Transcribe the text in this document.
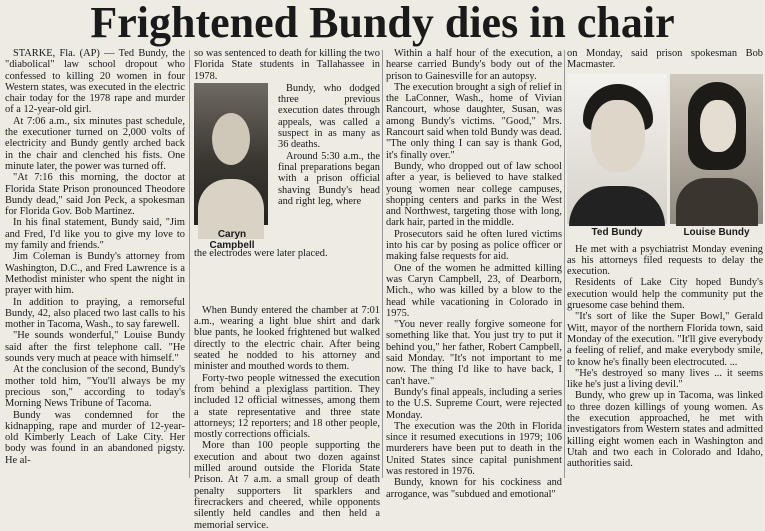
Frightened Bundy dies in chair

STARKE, Fla. (AP) — Ted Bundy, the "diabolical" law school dropout who confessed to killing 20 women in four Western states, was executed in the electric chair today for the 1978 rape and murder of a 12-year-old girl.

At 7:06 a.m., six minutes past schedule, the executioner turned on 2,000 volts of electricity and Bundy gently arched back in the chair and clenched his fists. One minute later, the power was turned off.

"At 7:16 this morning, the doctor at Florida State Prison pronounced Theodore Bundy dead," said Jon Peck, a spokesman for Florida Gov. Bob Martinez.

In his final statement, Bundy said, "Jim and Fred, I'd like you to give my love to my family and friends."

Jim Coleman is Bundy's attorney from Washington, D.C., and Fred Lawrence is a Methodist minister who spent the night in prayer with him.

In addition to praying, a remorseful Bundy, 42, also placed two last calls to his mother in Tacoma, Wash., to say farewell.

"He sounds wonderful," Louise Bundy said after the first telephone call. "He sounds very much at peace with himself."

At the conclusion of the second, Bundy's mother told him, "You'll always be my precious son," according to today's Morning News Tribune of Tacoma.

Bundy was condemned for the kidnapping, rape and murder of 12-year-old Kimberly Leach of Lake City. Her body was found in an abandoned pigsty. He al-

so was sentenced to death for killing the two Florida State students in Tallahassee in 1978.

Caryn Campbell

Bundy, who dodged three previous execution dates through appeals, was called a suspect in as many as 36 deaths.

Around 5:30 a.m., the final preparations began with a prison official shaving Bundy's head and right leg, where

the electrodes were later placed.

When Bundy entered the chamber at 7:01 a.m., wearing a light blue shirt and dark blue pants, he looked frightened but walked directly to the electric chair. After being seated he nodded to his attorney and minister and mouthed words to them.

Forty-two people witnessed the execution from behind a plexiglass partition. They included 12 official witnesses, among them a state representative and three state attorneys; 12 reporters; and 18 other people, mostly corrections officials.

More than 100 people supporting the execution and about two dozen against milled around outside the Florida State Prison. At 7 a.m. a small group of death penalty supporters lit sparklers and firecrackers and cheered, while opponents silently held candles and then held a memorial service.

Within a half hour of the execution, a hearse carried Bundy's body out of the prison to Gainesville for an autopsy.

The execution brought a sigh of relief in the LaConner, Wash., home of Vivian Rancourt, whose daughter, Susan, was among Bundy's victims. "Good," Mrs. Rancourt said when told Bundy was dead. "The only thing I can say is thank God, it's finally over."

Bundy, who dropped out of law school after a year, is believed to have stalked young women near college campuses, shopping centers and parks in the West and Northwest, targeting those with long, dark hair, parted in the middle.

Prosecutors said he often lured victims into his car by posing as police officer or making false requests for aid.

One of the women he admitted killing was Caryn Campbell, 23, of Dearborn, Mich., who was killed by a blow to the head while vacationing in Colorado in 1975.

"You never really forgive someone for something like that. You just try to put it behind you," her father, Robert Campbell, said Monday. "It's not important to me now. The thing I'd like to have back, I can't have."

Bundy's final appeals, including a series to the U.S. Supreme Court, were rejected Monday.

The execution was the 20th in Florida since it resumed executions in 1979; 106 murderers have been put to death in the United States since capital punishment was restored in 1976.

Bundy, known for his cockiness and arrogance, was "subdued and emotional"

on Monday, said prison spokesman Bob Macmaster.

Ted Bundy	Louise Bundy

He met with a psychiatrist Monday evening as his attorneys filed requests to delay the execution.

Residents of Lake City hoped Bundy's execution would help the community put the gruesome case behind them.

"It's sort of like the Super Bowl," Gerald Witt, mayor of the northern Florida town, said Monday of the execution. "It'll give everybody a feeling of relief, and make everybody smile, to know he's finally been electrocuted. ...

"He's destroyed so many lives ... it seems like he's just a living devil."

Bundy, who grew up in Tacoma, was linked to three dozen killings of young women. As the execution approached, he met with investigators from Western states and admitted killing eight women each in Washington and Utah and two each in Colorado and Idaho, authorities said.
